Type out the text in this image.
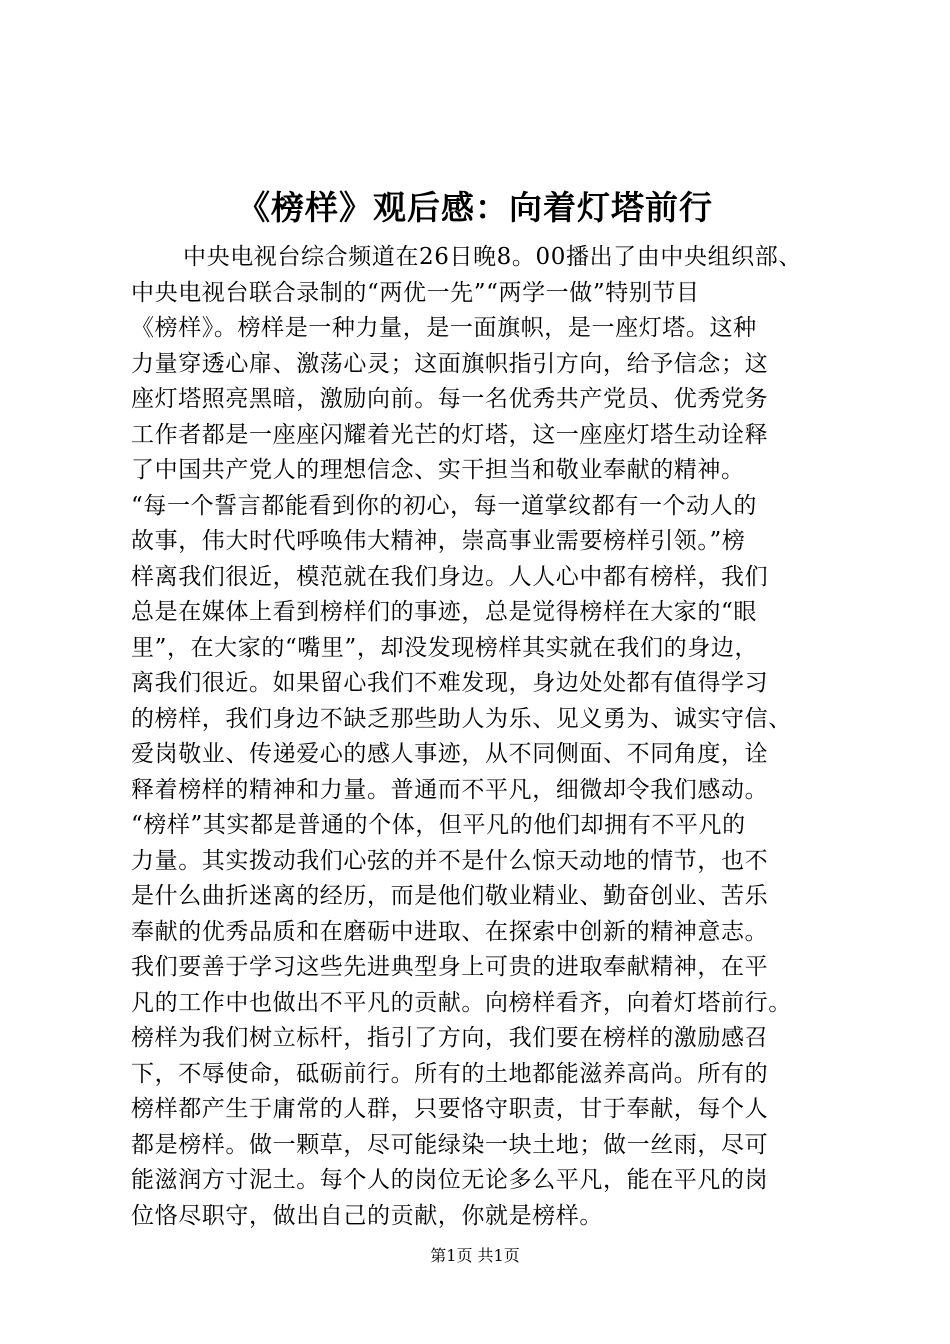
《榜样》观后感：向着灯塔前行
中央电视台综合频道在26日晚8。00播出了由中央组织部、
中央电视台联合录制的“两优一先”“两学一做”特别节目
《榜样》。榜样是一种力量，是一面旗帜，是一座灯塔。这种
力量穿透心扉、激荡心灵；这面旗帜指引方向，给予信念；这
座灯塔照亮黑暗，激励向前。每一名优秀共产党员、优秀党务
工作者都是一座座闪耀着光芒的灯塔，这一座座灯塔生动诠释
了中国共产党人的理想信念、实干担当和敬业奉献的精神。
“每一个誓言都能看到你的初心，每一道掌纹都有一个动人的
故事，伟大时代呼唤伟大精神，崇高事业需要榜样引领。”榜
样离我们很近，模范就在我们身边。人人心中都有榜样，我们
总是在媒体上看到榜样们的事迹，总是觉得榜样在大家的“眼
里”，在大家的“嘴里”，却没发现榜样其实就在我们的身边，
离我们很近。如果留心我们不难发现，身边处处都有值得学习
的榜样，我们身边不缺乏那些助人为乐、见义勇为、诚实守信、
爱岗敬业、传递爱心的感人事迹，从不同侧面、不同角度，诠
释着榜样的精神和力量。普通而不平凡，细微却令我们感动。
“榜样”其实都是普通的个体，但平凡的他们却拥有不平凡的
力量。其实拨动我们心弦的并不是什么惊天动地的情节，也不
是什么曲折迷离的经历，而是他们敬业精业、勤奋创业、苦乐
奉献的优秀品质和在磨砺中进取、在探索中创新的精神意志。
我们要善于学习这些先进典型身上可贵的进取奉献精神，在平
凡的工作中也做出不平凡的贡献。向榜样看齐，向着灯塔前行。
榜样为我们树立标杆，指引了方向，我们要在榜样的激励感召
下，不辱使命，砥砺前行。所有的土地都能滋养高尚。所有的
榜样都产生于庸常的人群，只要恪守职责，甘于奉献，每个人
都是榜样。做一颗草，尽可能绿染一块土地；做一丝雨，尽可
能滋润方寸泥土。每个人的岗位无论多么平凡，能在平凡的岗
位恪尽职守，做出自己的贡献，你就是榜样。
第1页 共1页
